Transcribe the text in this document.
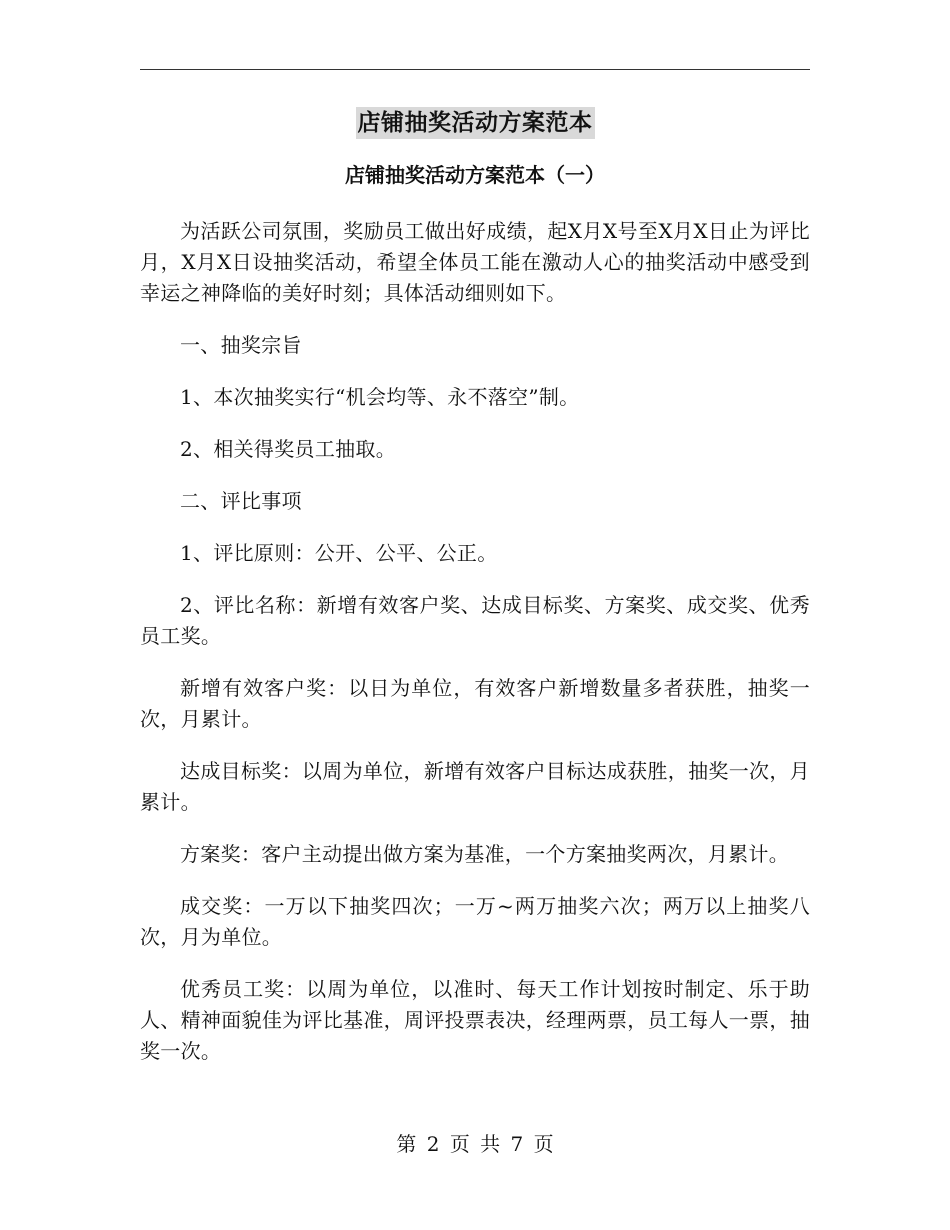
店铺抽奖活动方案范本
店铺抽奖活动方案范本（一）

为活跃公司氛围，奖励员工做出好成绩，起X月X号至X月X日止为评比月，X月X日设抽奖活动，希望全体员工能在激动人心的抽奖活动中感受到幸运之神降临的美好时刻；具体活动细则如下。

一、抽奖宗旨

1、本次抽奖实行“机会均等、永不落空”制。

2、相关得奖员工抽取。

二、评比事项

1、评比原则：公开、公平、公正。

2、评比名称：新增有效客户奖、达成目标奖、方案奖、成交奖、优秀员工奖。

新增有效客户奖：以日为单位，有效客户新增数量多者获胜，抽奖一次，月累计。

达成目标奖：以周为单位，新增有效客户目标达成获胜，抽奖一次，月累计。

方案奖：客户主动提出做方案为基准，一个方案抽奖两次，月累计。

成交奖：一万以下抽奖四次；一万~两万抽奖六次；两万以上抽奖八次，月为单位。

优秀员工奖：以周为单位，以准时、每天工作计划按时制定、乐于助人、精神面貌佳为评比基准，周评投票表决，经理两票，员工每人一票，抽奖一次。

第 2 页 共 7 页
